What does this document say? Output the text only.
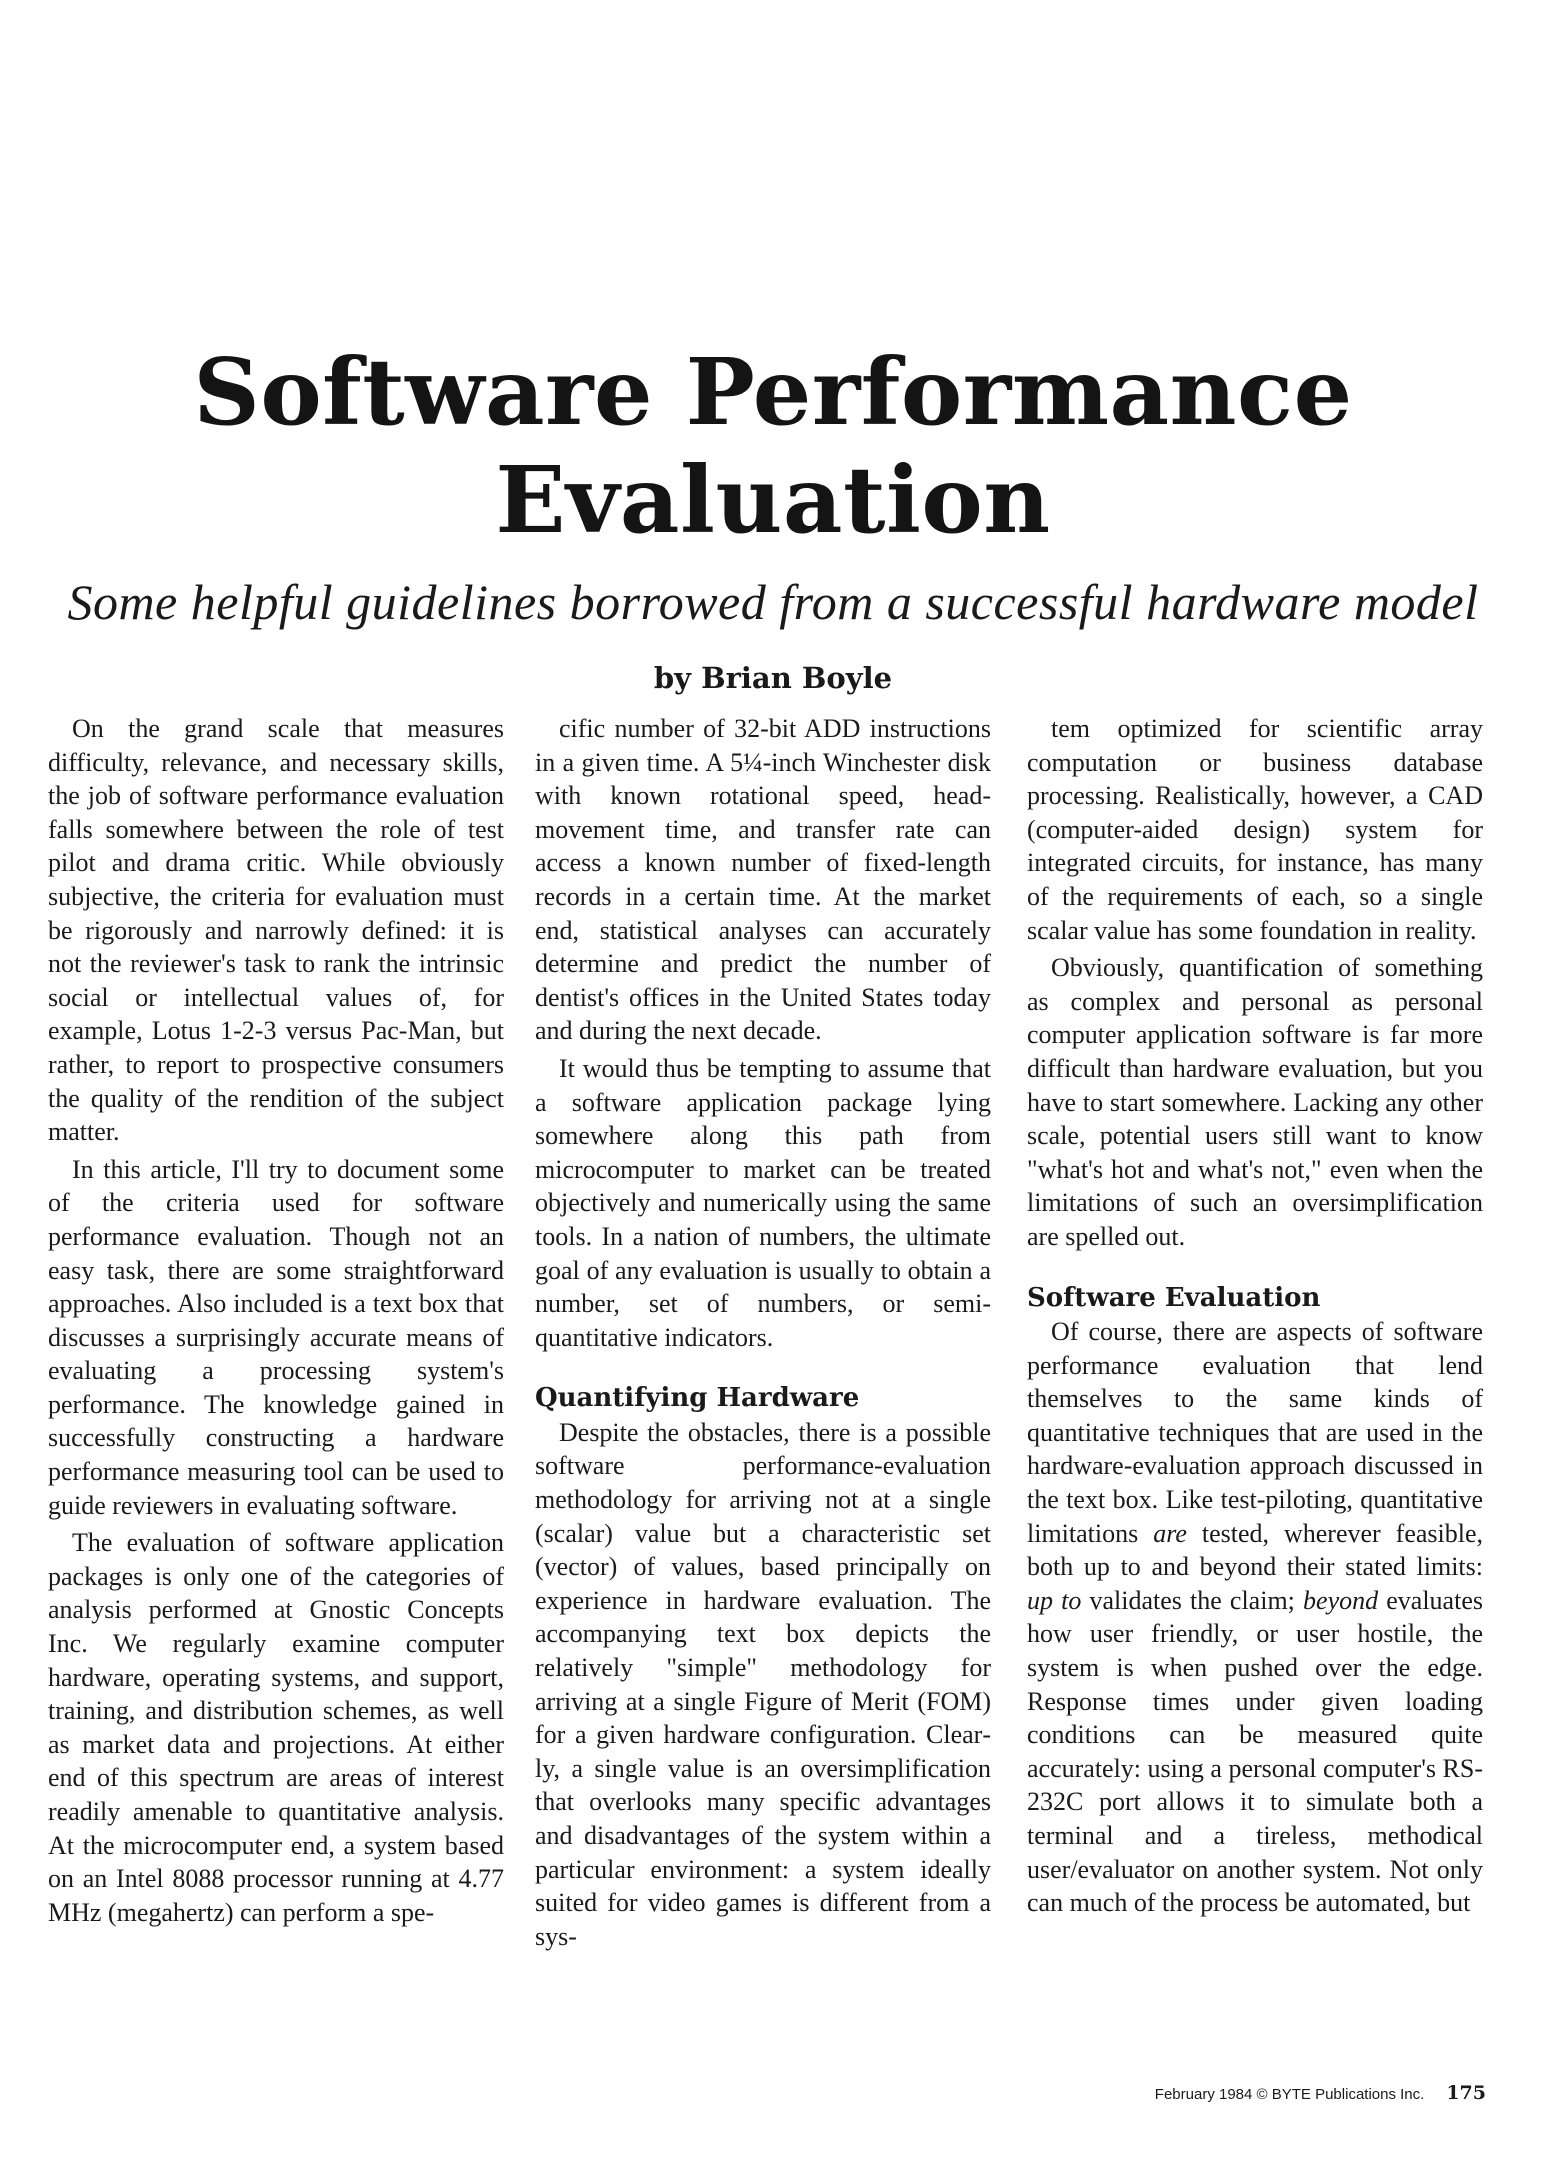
Software Performance
Evaluation
Some helpful guidelines borrowed from a successful hardware model
by Brian Boyle

On the grand scale that measures difficulty, relevance, and necessary skills, the job of software performance evaluation falls somewhere between the role of test pilot and drama critic. While obviously subjective, the criteria for evaluation must be rigorously and narrowly defined: it is not the reviewer's task to rank the intrinsic social or intellectual values of, for example, Lotus 1-2-3 versus Pac-Man, but rather, to report to prospective consumers the quality of the rendition of the subject matter.

In this article, I'll try to document some of the criteria used for software performance evaluation. Though not an easy task, there are some straightforward approaches. Also included is a text box that discusses a surprisingly accurate means of evaluating a processing system's performance. The knowledge gained in successfully constructing a hardware performance measuring tool can be used to guide reviewers in evaluating software.

The evaluation of software application packages is only one of the categories of analysis performed at Gnostic Concepts Inc. We regularly examine computer hardware, operating systems, and support, training, and distribution schemes, as well as market data and projections. At either end of this spectrum are areas of interest readily amenable to quantitative analysis. At the microcomputer end, a system based on an Intel 8088 processor running at 4.77 MHz (megahertz) can perform a spe-

cific number of 32-bit ADD instructions in a given time. A 5¼-inch Winchester disk with known rotational speed, head-movement time, and transfer rate can access a known number of fixed-length records in a certain time. At the market end, statistical analyses can accurately determine and predict the number of dentist's offices in the United States today and during the next decade.

It would thus be tempting to assume that a software application package lying somewhere along this path from microcomputer to market can be treated objectively and numerically using the same tools. In a nation of numbers, the ultimate goal of any evaluation is usually to obtain a number, set of numbers, or semiquantitative indicators.

Quantifying Hardware

Despite the obstacles, there is a possible software performance-evaluation methodology for arriving not at a single (scalar) value but a characteristic set (vector) of values, based principally on experience in hardware evaluation. The accompanying text box depicts the relatively "simple" methodology for arriving at a single Figure of Merit (FOM) for a given hardware configuration. Clearly, a single value is an oversimplification that overlooks many specific advantages and disadvantages of the system within a particular environment: a system ideally suited for video games is different from a sys-

tem optimized for scientific array computation or business database processing. Realistically, however, a CAD (computer-aided design) system for integrated circuits, for instance, has many of the requirements of each, so a single scalar value has some foundation in reality.

Obviously, quantification of something as complex and personal as personal computer application software is far more difficult than hardware evaluation, but you have to start somewhere. Lacking any other scale, potential users still want to know "what's hot and what's not," even when the limitations of such an oversimplification are spelled out.

Software Evaluation

Of course, there are aspects of software performance evaluation that lend themselves to the same kinds of quantitative techniques that are used in the hardware-evaluation approach discussed in the text box. Like test-piloting, quantitative limitations are tested, wherever feasible, both up to and beyond their stated limits: up to validates the claim; beyond evaluates how user friendly, or user hostile, the system is when pushed over the edge. Response times under given loading conditions can be measured quite accurately: using a personal computer's RS-232C port allows it to simulate both a terminal and a tireless, methodical user/evaluator on another system. Not only can much of the process be automated, but

February 1984 © BYTE Publications Inc. 175
